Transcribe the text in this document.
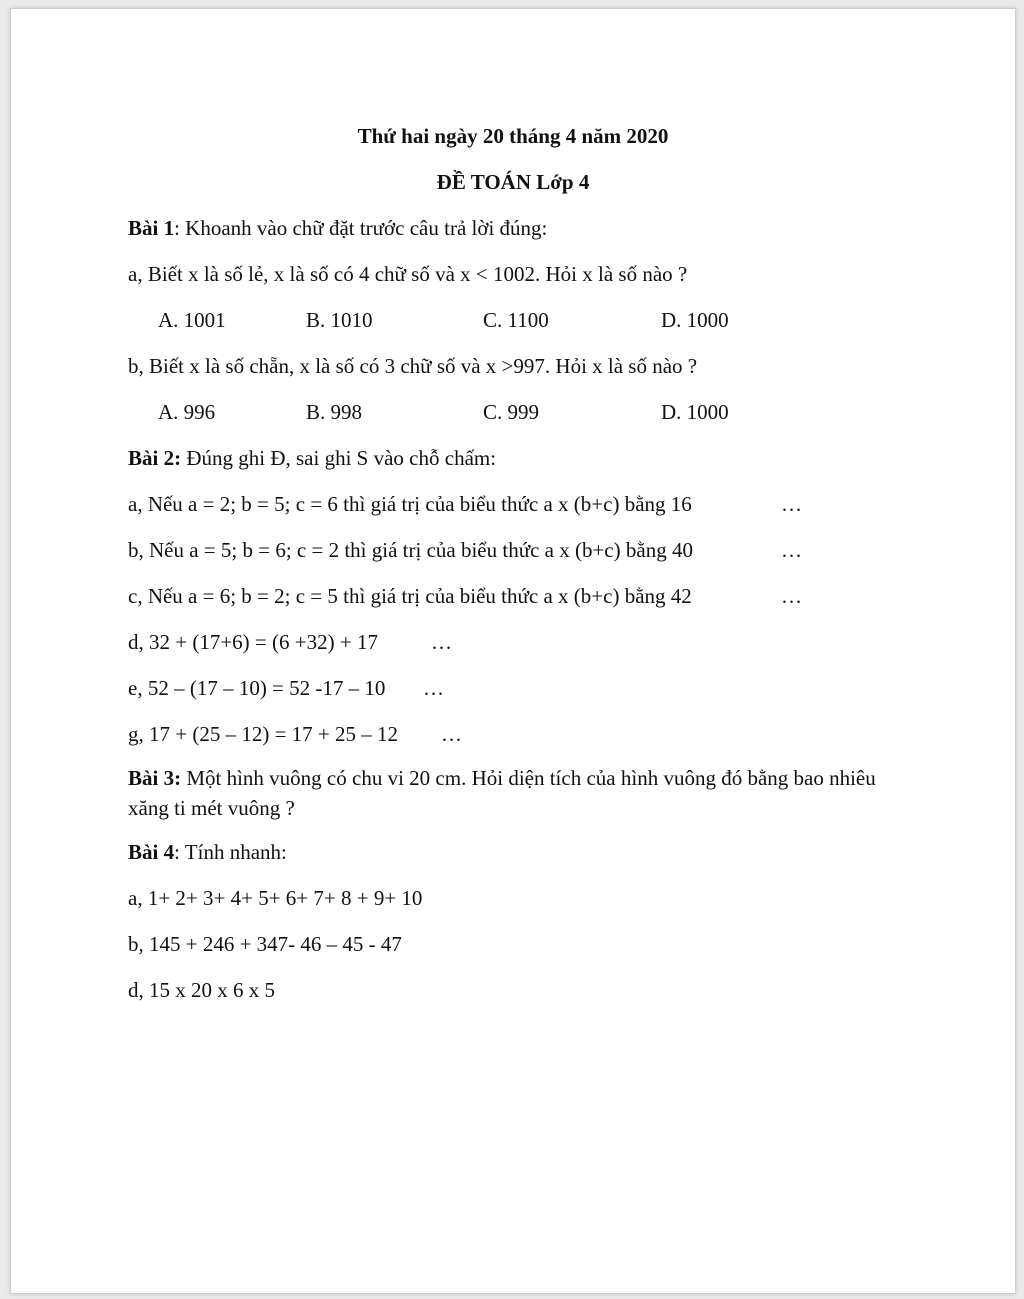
Thứ hai ngày 20 tháng 4 năm 2020
ĐỀ TOÁN Lớp 4
Bài 1: Khoanh vào chữ đặt trước câu trả lời đúng:
a, Biết x là số lẻ, x là số có 4 chữ số và x < 1002. Hỏi x là số nào ?
A. 1001	B. 1010	C. 1100	D. 1000
b, Biết x là số chẵn, x là số có 3 chữ số và x >997. Hỏi x là số nào ?
A. 996	B. 998	C. 999	D. 1000
Bài 2: Đúng ghi Đ, sai ghi S vào chỗ chấm:
a, Nếu a = 2; b = 5; c = 6 thì giá trị của biểu thức a x (b+c) bằng 16	…
b, Nếu a = 5; b = 6; c = 2 thì giá trị của biểu thức a x (b+c) bằng 40	…
c, Nếu a = 6; b = 2; c = 5 thì giá trị của biểu thức a x (b+c) bằng 42	…
d, 32 + (17+6) = (6 +32) + 17	…
e, 52 – (17 – 10) = 52 -17 – 10 …
g, 17 + (25 – 12) = 17 + 25 – 12 …
Bài 3: Một hình vuông có chu vi 20 cm. Hỏi diện tích của hình vuông đó bằng bao nhiêu xăng ti mét vuông ?
Bài 4: Tính nhanh:
a, 1+ 2+ 3+ 4+ 5+ 6+ 7+ 8 + 9+ 10
b, 145 + 246 + 347- 46 – 45 - 47
d, 15 x 20 x 6 x 5
